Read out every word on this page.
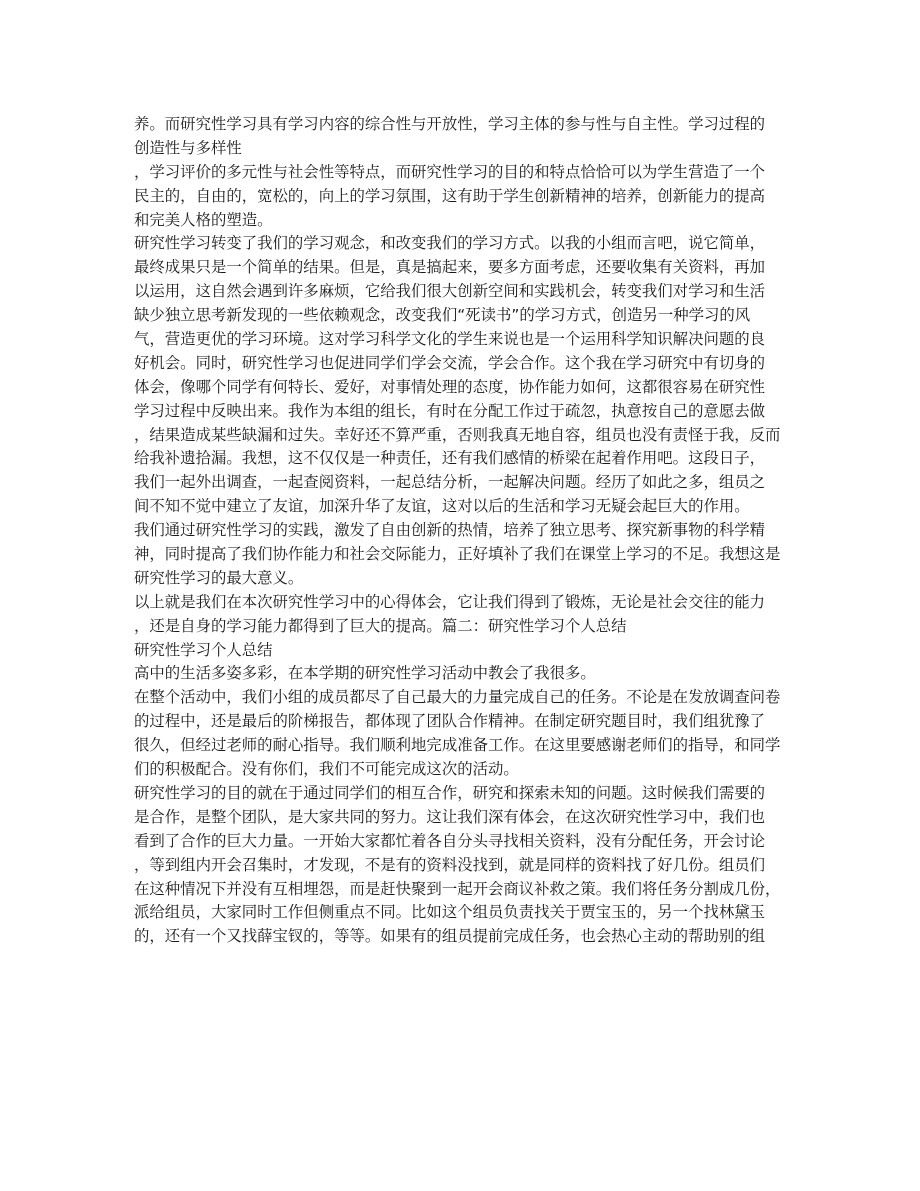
养。而研究性学习具有学习内容的综合性与开放性，学习主体的参与性与自主性。学习过程的
创造性与多样性
，学习评价的多元性与社会性等特点，而研究性学习的目的和特点恰恰可以为学生营造了一个
民主的，自由的，宽松的，向上的学习氛围，这有助于学生创新精神的培养，创新能力的提高
和完美人格的塑造。
研究性学习转变了我们的学习观念，和改变我们的学习方式。以我的小组而言吧，说它简单，
最终成果只是一个简单的结果。但是，真是搞起来，要多方面考虑，还要收集有关资料，再加
以运用，这自然会遇到许多麻烦，它给我们很大创新空间和实践机会，转变我们对学习和生活
缺少独立思考新发现的一些依赖观念，改变我们“死读书”的学习方式，创造另一种学习的风
气，营造更优的学习环境。这对学习科学文化的学生来说也是一个运用科学知识解决问题的良
好机会。同时，研究性学习也促进同学们学会交流，学会合作。这个我在学习研究中有切身的
体会，像哪个同学有何特长、爱好，对事情处理的态度，协作能力如何，这都很容易在研究性
学习过程中反映出来。我作为本组的组长，有时在分配工作过于疏忽，执意按自己的意愿去做
，结果造成某些缺漏和过失。幸好还不算严重，否则我真无地自容，组员也没有责怪于我，反而
给我补遗拾漏。我想，这不仅仅是一种责任，还有我们感情的桥梁在起着作用吧。这段日子，
我们一起外出调查，一起查阅资料，一起总结分析，一起解决问题。经历了如此之多，组员之
间不知不觉中建立了友谊，加深升华了友谊，这对以后的生活和学习无疑会起巨大的作用。
我们通过研究性学习的实践，激发了自由创新的热情，培养了独立思考、探究新事物的科学精
神，同时提高了我们协作能力和社会交际能力，正好填补了我们在课堂上学习的不足。我想这是
研究性学习的最大意义。
以上就是我们在本次研究性学习中的心得体会，它让我们得到了锻炼，无论是社会交往的能力
，还是自身的学习能力都得到了巨大的提高。篇二：研究性学习个人总结
研究性学习个人总结
高中的生活多姿多彩，在本学期的研究性学习活动中教会了我很多。
在整个活动中，我们小组的成员都尽了自己最大的力量完成自己的任务。不论是在发放调查问卷
的过程中，还是最后的阶梯报告，都体现了团队合作精神。在制定研究题目时，我们组犹豫了
很久，但经过老师的耐心指导。我们顺利地完成准备工作。在这里要感谢老师们的指导，和同学
们的积极配合。没有你们，我们不可能完成这次的活动。
研究性学习的目的就在于通过同学们的相互合作，研究和探索未知的问题。这时候我们需要的
是合作，是整个团队，是大家共同的努力。这让我们深有体会，在这次研究性学习中，我们也
看到了合作的巨大力量。一开始大家都忙着各自分头寻找相关资料，没有分配任务，开会讨论
，等到组内开会召集时，才发现，不是有的资料没找到，就是同样的资料找了好几份。组员们
在这种情况下并没有互相埋怨，而是赶快聚到一起开会商议补救之策。我们将任务分割成几份，
派给组员，大家同时工作但侧重点不同。比如这个组员负责找关于贾宝玉的，另一个找林黛玉
的，还有一个又找薛宝钗的，等等。如果有的组员提前完成任务，也会热心主动的帮助别的组
